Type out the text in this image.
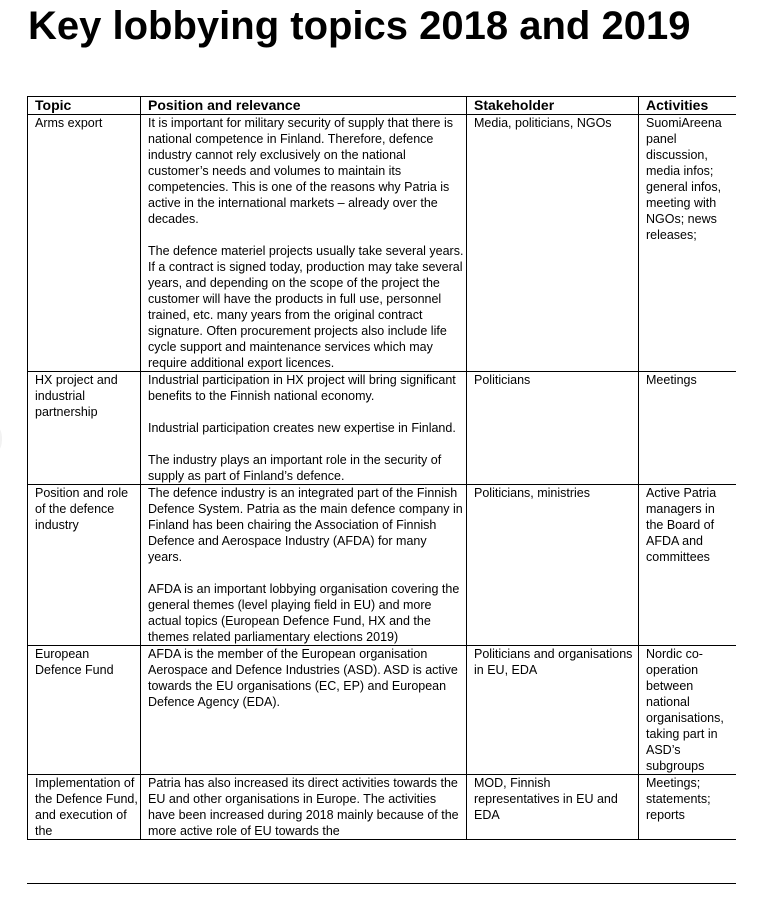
Key lobbying topics 2018 and 2019
Topic	Position and relevance	Stakeholder	Activities
Arms export	It is important for military security of supply that there is national competence in Finland. Therefore, defence industry cannot rely exclusively on the national customer’s needs and volumes to maintain its competencies. This is one of the reasons why Patria is active in the international markets – already over the decades.

The defence materiel projects usually take several years. If a contract is signed today, production may take several years, and depending on the scope of the project the customer will have the products in full use, personnel trained, etc. many years from the original contract signature. Often procurement projects also include life cycle support and maintenance services which may require additional export licences.	Media, politicians, NGOs	SuomiAreena panel discussion, media infos; general infos, meeting with NGOs; news releases;
HX project and industrial partnership	Industrial participation in HX project will bring significant benefits to the Finnish national economy.

Industrial participation creates new expertise in Finland.

The industry plays an important role in the security of supply as part of Finland’s defence.	Politicians	Meetings
Position and role of the defence industry	The defence industry is an integrated part of the Finnish Defence System. Patria as the main defence company in Finland has been chairing the Association of Finnish Defence and Aerospace Industry (AFDA) for many years.

AFDA is an important lobbying organisation covering the general themes (level playing field in EU) and more actual topics (European Defence Fund, HX and the themes related parliamentary elections 2019)	Politicians, ministries	Active Patria managers in the Board of AFDA and committees
European Defence Fund	AFDA is the member of the European organisation Aerospace and Defence Industries (ASD). ASD is active towards the EU organisations (EC, EP) and European Defence Agency (EDA).	Politicians and organisations in EU, EDA	Nordic co-operation between national organisations, taking part in ASD’s subgroups
Implementation of the Defence Fund, and execution of the	Patria has also increased its direct activities towards the EU and other organisations in Europe. The activities have been increased during 2018 mainly because of the more active role of EU towards the	MOD, Finnish representatives in EU and EDA	Meetings; statements; reports
